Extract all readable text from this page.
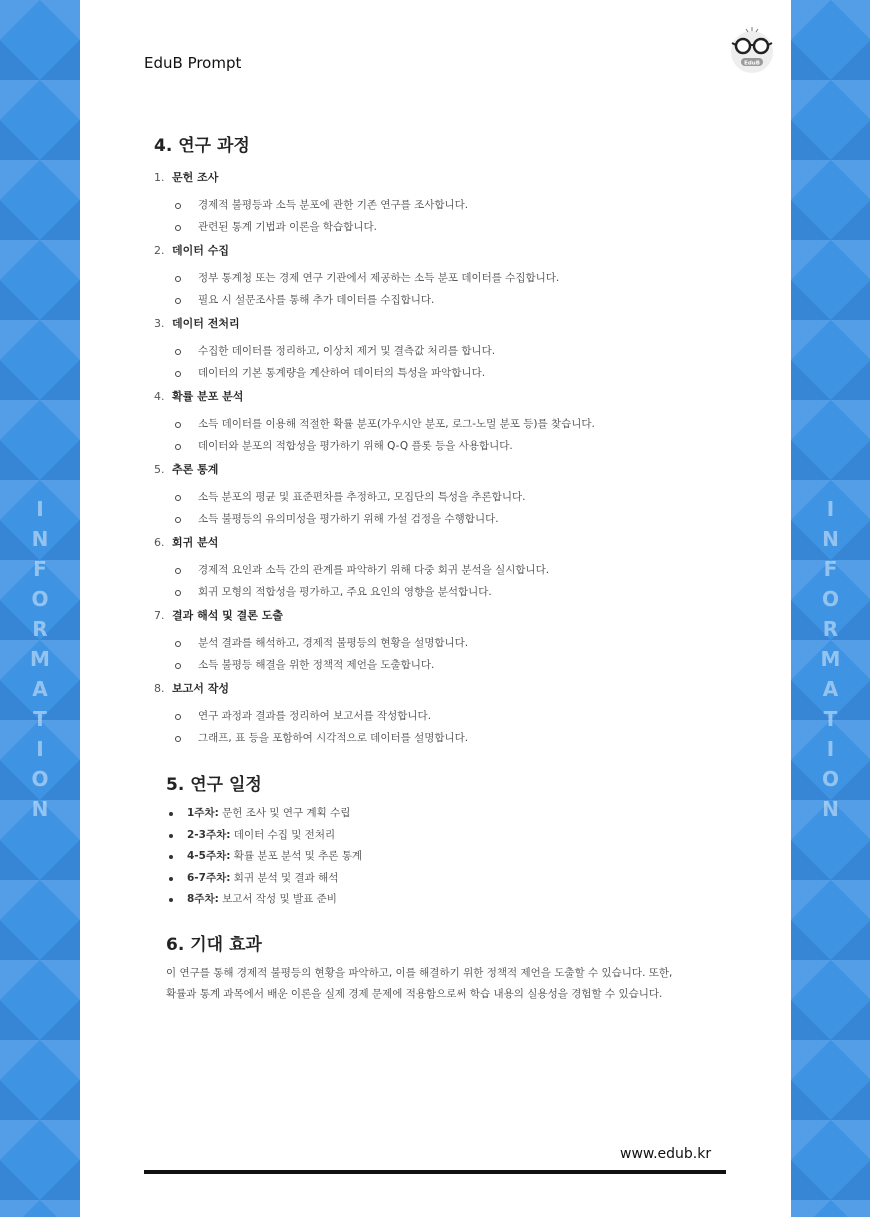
INFORMATION	INFORMATION
EduB Prompt	EduB
4. 연구 과정
1. 문헌 조사
경제적 불평등과 소득 분포에 관한 기존 연구를 조사합니다.
관련된 통계 기법과 이론을 학습합니다.
2. 데이터 수집
정부 통계청 또는 경제 연구 기관에서 제공하는 소득 분포 데이터를 수집합니다.
필요 시 설문조사를 통해 추가 데이터를 수집합니다.
3. 데이터 전처리
수집한 데이터를 정리하고, 이상치 제거 및 결측값 처리를 합니다.
데이터의 기본 통계량을 계산하여 데이터의 특성을 파악합니다.
4. 확률 분포 분석
소득 데이터를 이용해 적절한 확률 분포(가우시안 분포, 로그-노멀 분포 등)를 찾습니다.
데이터와 분포의 적합성을 평가하기 위해 Q-Q 플롯 등을 사용합니다.
5. 추론 통계
소득 분포의 평균 및 표준편차를 추정하고, 모집단의 특성을 추론합니다.
소득 불평등의 유의미성을 평가하기 위해 가설 검정을 수행합니다.
6. 회귀 분석
경제적 요인과 소득 간의 관계를 파악하기 위해 다중 회귀 분석을 실시합니다.
회귀 모형의 적합성을 평가하고, 주요 요인의 영향을 분석합니다.
7. 결과 해석 및 결론 도출
분석 결과를 해석하고, 경제적 불평등의 현황을 설명합니다.
소득 불평등 해결을 위한 정책적 제언을 도출합니다.
8. 보고서 작성
연구 과정과 결과를 정리하여 보고서를 작성합니다.
그래프, 표 등을 포함하여 시각적으로 데이터를 설명합니다.
5. 연구 일정
1주차: 문헌 조사 및 연구 계획 수립
2-3주차: 데이터 수집 및 전처리
4-5주차: 확률 분포 분석 및 추론 통계
6-7주차: 회귀 분석 및 결과 해석
8주차: 보고서 작성 및 발표 준비
6. 기대 효과
이 연구를 통해 경제적 불평등의 현황을 파악하고, 이를 해결하기 위한 정책적 제언을 도출할 수 있습니다. 또한, 확률과 통계 과목에서 배운 이론을 실제 경제 문제에 적용함으로써 학습 내용의 실용성을 경험할 수 있습니다.
www.edub.kr
